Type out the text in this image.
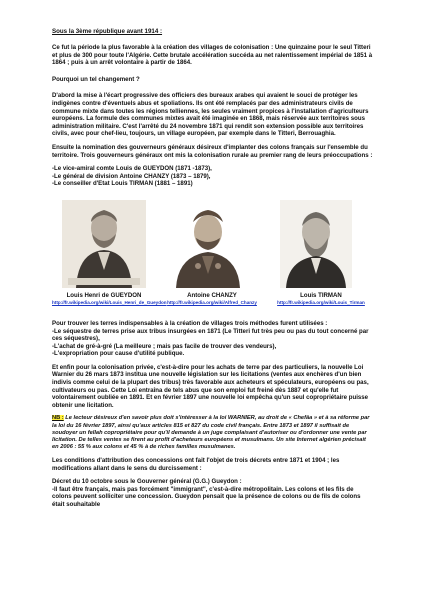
Sous la 3ème république avant 1914 :

Ce fut la période la plus favorable à la création des villages de colonisation : Une quinzaine pour le seul Titteri et plus de 300 pour toute l'Algérie. Cette brutale accélération succéda au net ralentissement impérial de 1851 à 1864 ; puis à un arrêt volontaire à partir de 1864.

Pourquoi un tel changement ?

D'abord la mise à l'écart progressive des officiers des bureaux arabes qui avaient le souci de protéger les indigènes contre d'éventuels abus et spoliations. Ils ont été remplacés par des administrateurs civils de commune mixte dans toutes les régions telliennes, les seules vraiment propices à l'installation d'agriculteurs européens. La formule des communes mixtes avait été imaginée en 1868, mais réservée aux territoires sous administration militaire. C'est l'arrêté du 24 novembre 1871 qui rendit son extension possible aux territoires civils, avec pour chef-lieu, toujours, un village européen, par exemple dans le Titteri, Berrouaghia.

Ensuite la nomination des gouverneurs généraux désireux d'implanter des colons français sur l'ensemble du territoire. Trois gouverneurs généraux ont mis la colonisation rurale au premier rang de leurs préoccupations :

-Le vice-amiral comte Louis de GUEYDON (1871 -1873),

-Le général de division Antoine CHANZY (1873 – 1879),

-Le conseiller d'Etat Louis TIRMAN (1881 – 1891)

Louis Henri de GUEYDON
http://fr.wikipedia.org/wiki/Louis_Henri_de_Gueydon
Antoine CHANZY
http://fr.wikipedia.org/wiki/Alfred_Chanzy
Louis TIRMAN
http://fr.wikipedia.org/wiki/Louis_Tirman

Pour trouver les terres indispensables à la création de villages trois méthodes furent utilisées :

-Le séquestre de terres prise aux tribus insurgées en 1871 (Le Titteri fut très peu ou pas du tout concerné par ces séquestres),

-L'achat de gré-à-gré (La meilleure ; mais pas facile de trouver des vendeurs),

-L'expropriation pour cause d'utilité publique.

Et enfin pour la colonisation privée, c'est-à-dire pour les achats de terre par des particuliers, la nouvelle Loi Warnier du 26 mars 1873 institua une nouvelle législation sur les licitations (ventes aux enchères d'un bien indivis comme celui de la plupart des tribus) très favorable aux acheteurs et spéculateurs, européens ou pas, cultivateurs ou pas. Cette Loi entraîna de tels abus que son emploi fut freiné dès 1887 et qu'elle fut volontairement oubliée en 1891. Et en février 1897 une nouvelle loi empêcha qu'un seul copropriétaire puisse obtenir une licitation.

NB : Le lecteur désireux d'en savoir plus doit s'intéresser à la loi WARNIER, au droit de « Chefâa » et à sa réforme par la loi du 16 février 1897, ainsi qu'aux articles 815 et 827 du code civil français. Entre 1873 et 1897 il suffisait de soudoyer un fellah copropriétaire pour qu'il demande à un juge complaisant d'autoriser ou d'ordonner une vente par licitation. De telles ventes se firent au profit d'acheteurs européens et musulmans. Un site Internet algérien précisait en 2006 : 55 % aux colons et 45 % à de riches familles musulmanes.

Les conditions d'attribution des concessions ont fait l'objet de trois décrets entre 1871 et 1904 ; les modifications allant dans le sens du durcissement :

Décret du 10 octobre sous le Gouverner général (G.G.) Gueydon :

-Il faut être français, mais pas forcément "immigrant", c'est-à-dire métropolitain. Les colons et les fils de colons peuvent solliciter une concession. Gueydon pensait que la présence de colons ou de fils de colons était souhaitable
